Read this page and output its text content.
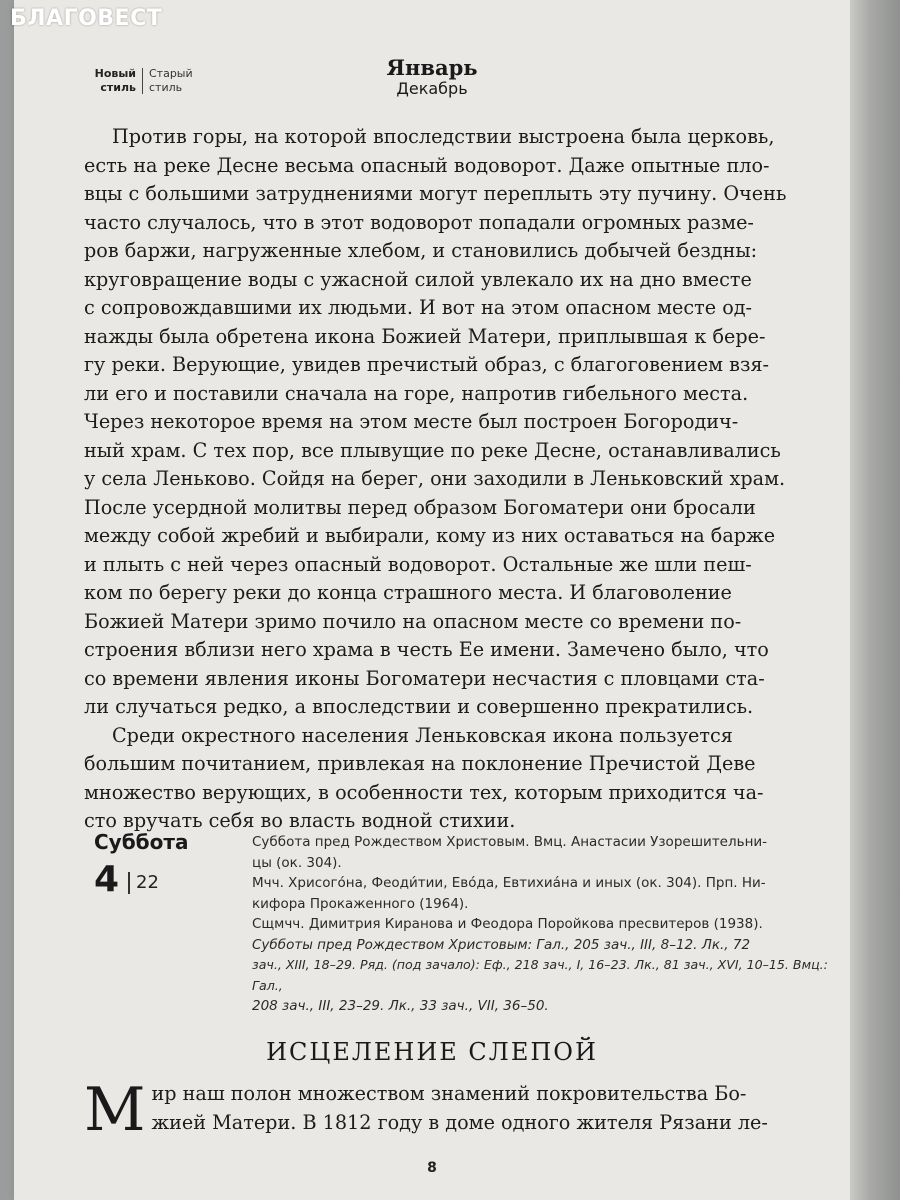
БЛАГОВЕСТ
Новый
стиль
Старый
стиль
Январь
Декабрь
Против горы, на которой впоследствии выстроена была церковь,
есть на реке Десне весьма опасный водоворот. Даже опытные пло-
вцы с большими затруднениями могут переплыть эту пучину. Очень
часто случалось, что в этот водоворот попадали огромных разме-
ров баржи, нагруженные хлебом, и становились добычей бездны:
круговращение воды с ужасной силой увлекало их на дно вместе
с сопровождавшими их людьми. И вот на этом опасном месте од-
нажды была обретена икона Божией Матери, приплывшая к бере-
гу реки. Верующие, увидев пречистый образ, с благоговением взя-
ли его и поставили сначала на горе, напротив гибельного места.
Через некоторое время на этом месте был построен Богородич-
ный храм. С тех пор, все плывущие по реке Десне, останавливались
у села Леньково. Сойдя на берег, они заходили в Леньковский храм.
После усердной молитвы перед образом Богоматери они бросали
между собой жребий и выбирали, кому из них оставаться на барже
и плыть с ней через опасный водоворот. Остальные же шли пеш-
ком по берегу реки до конца страшного места. И благоволение
Божией Матери зримо почило на опасном месте со времени по-
строения вблизи него храма в честь Ее имени. Замечено было, что
со времени явления иконы Богоматери несчастия с пловцами ста-
ли случаться редко, а впоследствии и совершенно прекратились.
Среди окрестного населения Леньковская икона пользуется
большим почитанием, привлекая на поклонение Пречистой Деве
множество верующих, в особенности тех, которым приходится ча-
сто вручать себя во власть водной стихии.
Суббота
4 22
Суббота пред Рождеством Христовым. Вмц. Анастасии Узорешительни-
цы (ок. 304).
Мчч. Хрисого́на, Феоди́тии, Ево́да, Евтихиа́на и иных (ок. 304). Прп. Ни-
кифора Прокаженного (1964).
Сщмчч. Димитрия Киранова и Феодора Поройкова пресвитеров (1938).
Субботы пред Рождеством Христовым: Гал., 205 зач., III, 8–12. Лк., 72
зач., XIII, 18–29. Ряд. (под зачало): Еф., 218 зач., I, 16–23. Лк., 81 зач., XVI, 10–15. Вмц.: Гал.,
208 зач., III, 23–29. Лк., 33 зач., VII, 36–50.
ИСЦЕЛЕНИЕ СЛЕПОЙ
М ир наш полон множеством знамений покровительства Бо-
жией Матери. В 1812 году в доме одного жителя Рязани ле-
8
